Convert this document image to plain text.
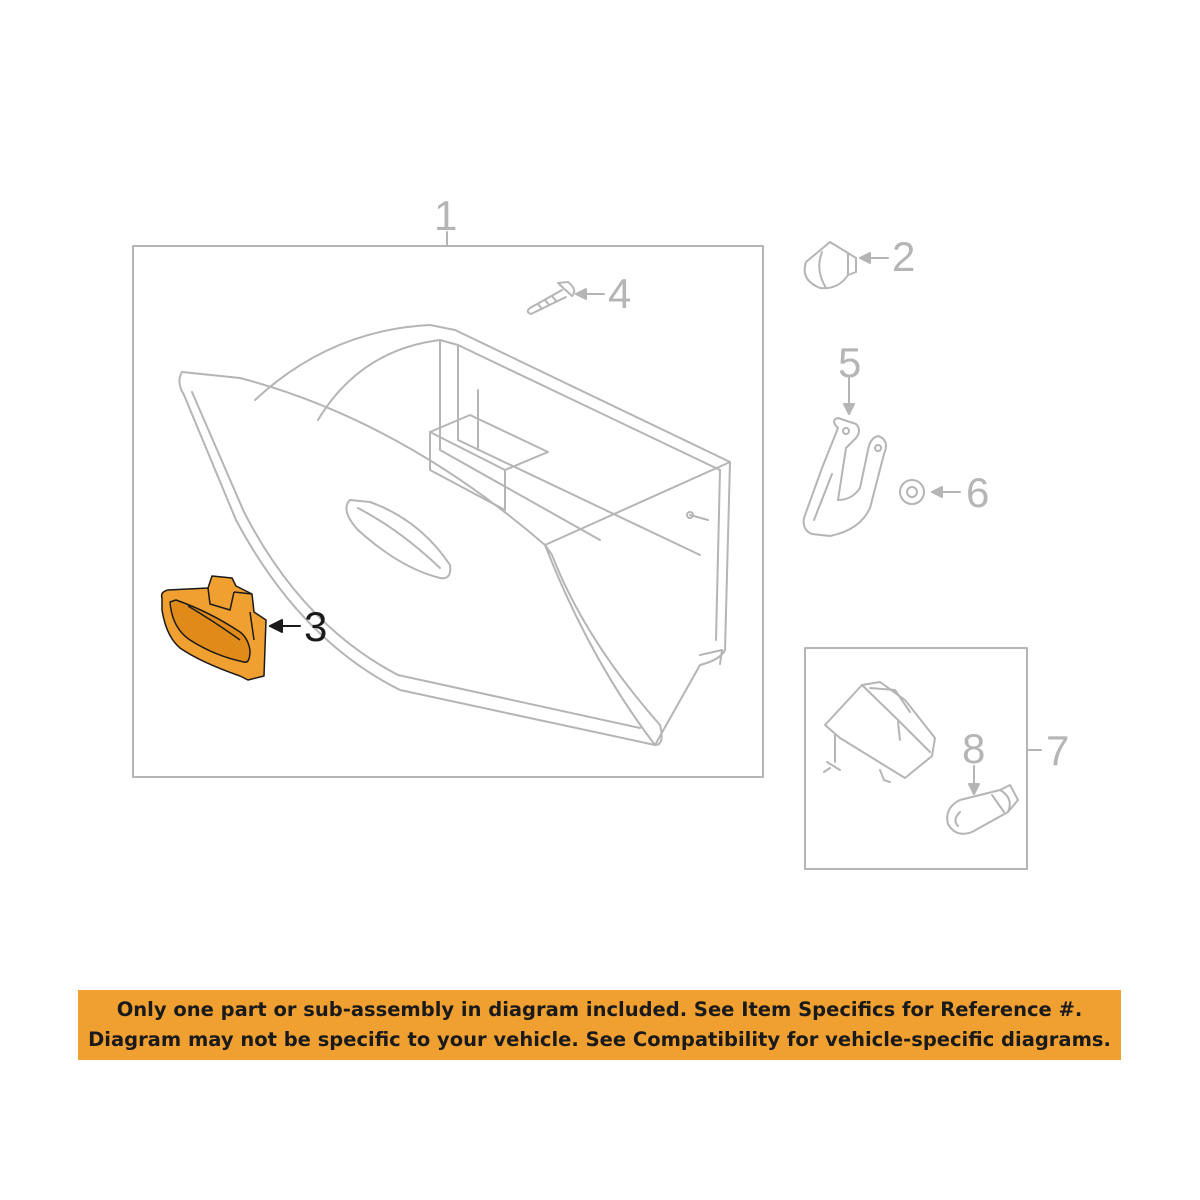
1
2
3
4
5
6
7
8
Only one part or sub-assembly in diagram included. See Item Specifics for Reference #.
Diagram may not be specific to your vehicle. See Compatibility for vehicle-specific diagrams.
